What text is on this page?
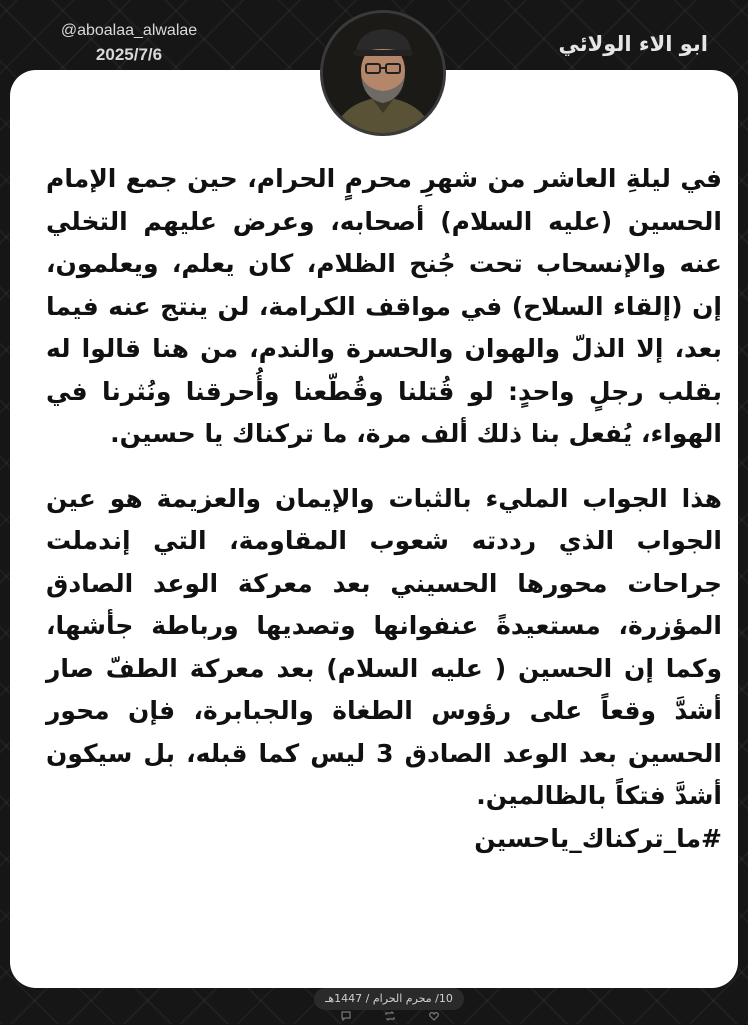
@aboalaa_alwalae
2025/7/6	ابو الاء الولائي

في ليلةِ العاشر من شهرِ محرمٍ الحرام، حين جمع الإمام الحسين (عليه السلام) أصحابه، وعرض عليهم التخلي عنه والإنسحاب تحت جُنح الظلام، كان يعلم، ويعلمون، إن (إلقاء السلاح) في مواقف الكرامة، لن ينتج عنه فيما بعد، إلا الذلّ والهوان والحسرة والندم، من هنا قالوا له بقلب رجلٍ واحدٍ: لو قُتلنا وقُطّعنا وأُحرقنا ونُثرنا في الهواء، يُفعل بنا ذلك ألف مرة، ما تركناك يا حسين.

هذا الجواب المليء بالثبات والإيمان والعزيمة هو عين الجواب الذي رددته شعوب المقاومة، التي إندملت جراحات محورها الحسيني بعد معركة الوعد الصادق المؤزرة، مستعيدةً عنفوانها وتصديها ورباطة جأشها، وكما إن الحسين ( عليه السلام) بعد معركة الطفّ صار أشدَّ وقعاً على رؤوس الطغاة والجبابرة، فإن محور الحسين بعد الوعد الصادق 3 ليس كما قبله، بل سيكون أشدَّ فتكاً بالظالمين.

#ما_تركناك_ياحسين

10/ محرم الحرام / 1447هـ
